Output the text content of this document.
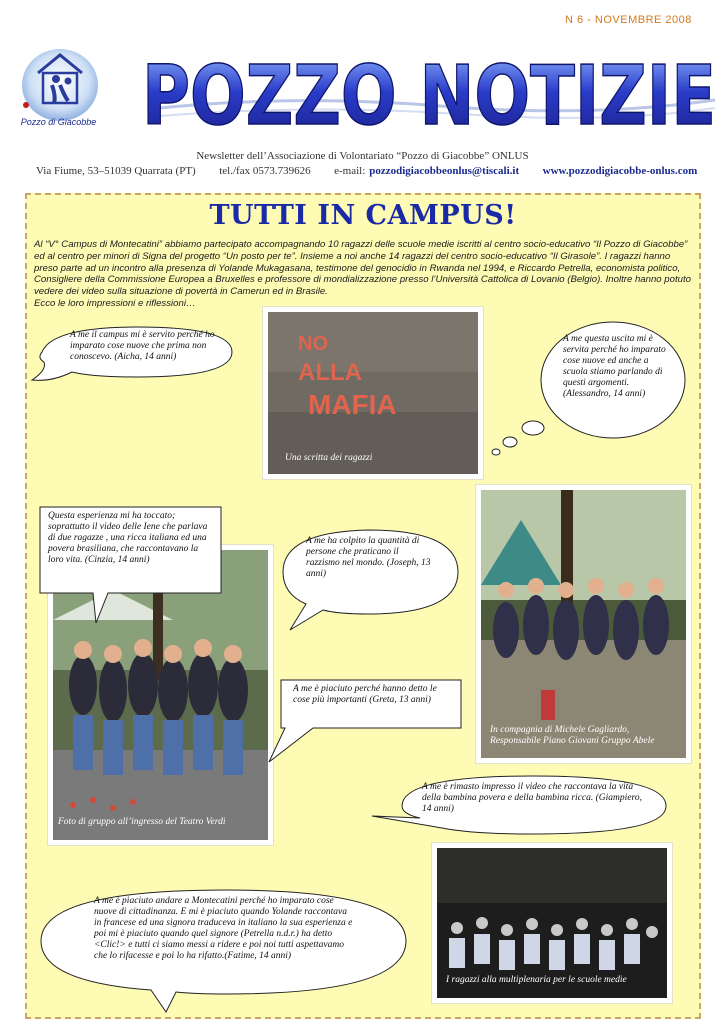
N 6 - NOVEMBRE 2008
Pozzo di Giacobbe POZZO NOTIZIE
Newsletter dell’Associazione di Volontariato “Pozzo di Giacobbe” ONLUS
Via Fiume, 53–51039 Quarrata (PT) tel./fax 0573.739626 e-mail: pozzodigiacobbeonlus@tiscali.it www.pozzodigiacobbe-onlus.com
TUTTI IN CAMPUS!
Al “V° Campus di Montecatini” abbiamo partecipato accompagnando 10 ragazzi delle scuole medie iscritti al centro socio-educativo “Il Pozzo di Giacobbe” ed al centro per minori di Signa del progetto “Un posto per te”. Insieme a noi anche 14 ragazzi del centro socio-educativo “Il Girasole”. I ragazzi hanno preso parte ad un incontro alla presenza di Yolande Mukagasana, testimone del genocidio in Rwanda nel 1994, e Riccardo Petrella, economista politico, Consigliere della Commissione Europea a Bruxelles e professore di mondializzazione presso l’Università Cattolica di Lovanio (Belgio). Inoltre hanno potuto vedere dei video sulla situazione di povertà in Camerun ed in Brasile.
Ecco le loro impressioni e riflessioni…
NO
ALLA
MAFIA
Una scritta dei ragazzi
Foto di gruppo all’ingresso del Teatro Verdi
In compagnia di Michele Gagliardo,
Responsabile Piano Giovani Gruppo Abele
I ragazzi alla multiplenaria per le scuole medie
A me il campus mi è servito perché ho imparato cose nuove che prima non conoscevo. (Aicha, 14 anni)
A me questa uscita mi è servita perché ho imparato cose nuove ed anche a scuola stiamo parlando di questi argomenti. (Alessandro, 14 anni)
Questa esperienza mi ha toccato; soprattutto il video delle Iene che parlava di due ragazze , una ricca italiana ed una povera brasiliana, che raccontavano la loro vita. (Cinzia, 14 anni)
A me ha colpito la quantità di persone che praticano il razzismo nel mondo. (Joseph, 13 anni)
A me è piaciuto perché hanno detto le cose più importanti (Greta, 13 anni)
A me è rimasto impresso il video che raccontava la vita della bambina povera e della bambina ricca. (Giampiero, 14 anni)
A me è piaciuto andare a Montecatini perché ho imparato cose nuove di cittadinanza. E mi è piaciuto quando Yolande raccontava in francese ed una signora traduceva in italiano la sua esperienza e poi mi è piaciuto quando quel signore (Petrella n.d.r.) ha detto <Clic!> e tutti ci siamo messi a ridere e poi noi tutti aspettavamo che lo rifacesse e poi lo ha rifatto.(Fatime, 14 anni)
